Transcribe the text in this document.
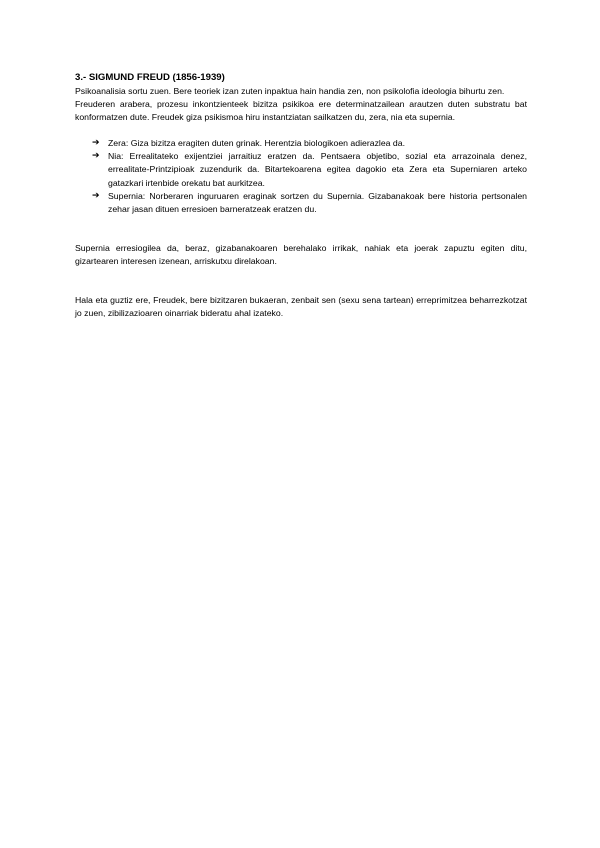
3.- SIGMUND FREUD (1856-1939)

Psikoanalisia sortu zuen. Bere teoriek izan zuten inpaktua hain handia zen, non psikolofia ideologia bihurtu zen.

Freuderen arabera, prozesu inkontzienteek bizitza psikikoa ere determinatzailean arautzen duten substratu bat konformatzen dute. Freudek giza psikismoa hiru instantziatan sailkatzen du, zera, nia eta supernia.

➔ Zera: Giza bizitza eragiten duten grinak. Herentzia biologikoen adierazlea da.
➔ Nia: Errealitateko exijentziei jarraitiuz eratzen da. Pentsaera objetibo, sozial eta arrazoinala denez, errealitate-Printzipioak zuzendurik da. Bitartekoarena egitea dagokio eta Zera eta Superniaren arteko gatazkari irtenbide orekatu bat aurkitzea.
➔ Supernia: Norberaren inguruaren eraginak sortzen du Supernia. Gizabanakoak bere historia pertsonalen zehar jasan dituen erresioen barneratzeak eratzen du.

Supernia erresiogilea da, beraz, gizabanakoaren berehalako irrikak, nahiak eta joerak zapuztu egiten ditu, gizartearen interesen izenean, arriskutxu direlakoan.

Hala eta guztiz ere, Freudek, bere bizitzaren bukaeran, zenbait sen (sexu sena tartean) erreprimitzea beharrezkotzat jo zuen, zibilizazioaren oinarriak bideratu ahal izateko.
